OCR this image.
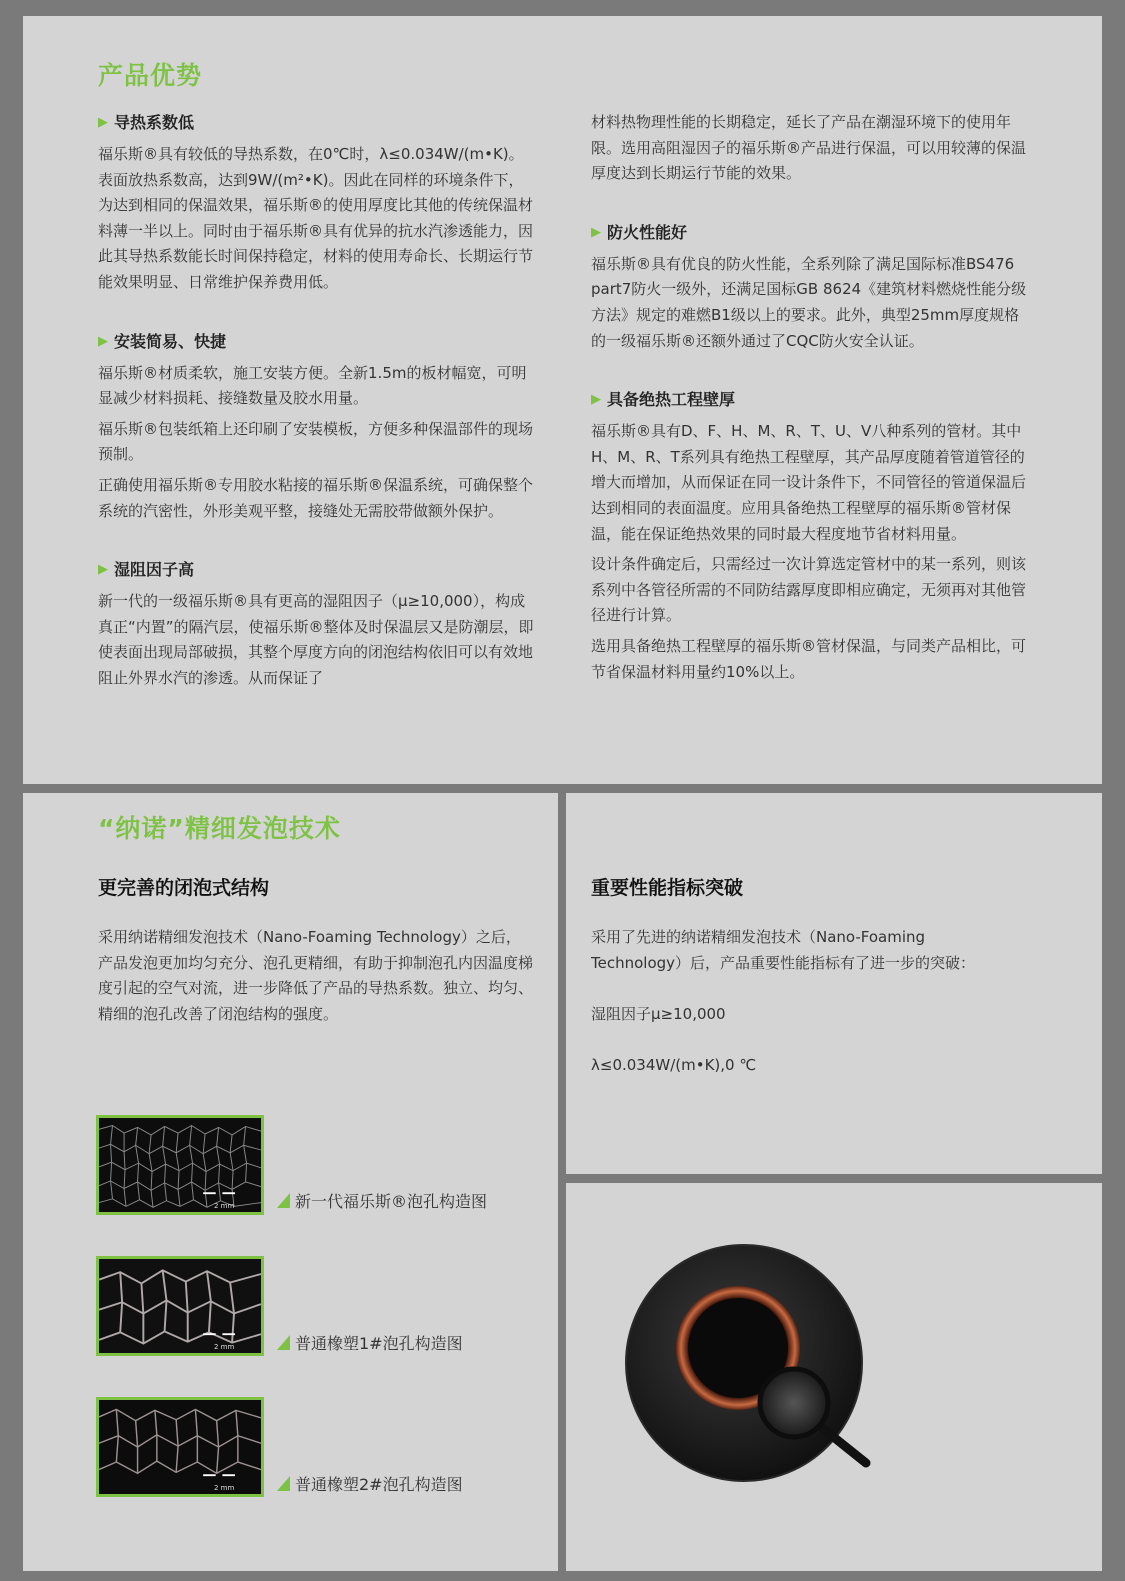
产品优势
▶ 导热系数低

福乐斯®具有较低的导热系数，在0℃时，λ≤0.034W/(m•K)。表面放热系数高，达到9W/(m²•K)。因此在同样的环境条件下，为达到相同的保温效果，福乐斯®的使用厚度比其他的传统保温材料薄一半以上。同时由于福乐斯®具有优异的抗水汽渗透能力，因此其导热系数能长时间保持稳定，材料的使用寿命长、长期运行节能效果明显、日常维护保养费用低。

▶ 安装简易、快捷

福乐斯®材质柔软，施工安装方便。全新1.5m的板材幅宽，可明显减少材料损耗、接缝数量及胶水用量。

福乐斯®包装纸箱上还印刷了安装模板，方便多种保温部件的现场预制。

正确使用福乐斯®专用胶水粘接的福乐斯®保温系统，可确保整个系统的汽密性，外形美观平整，接缝处无需胶带做额外保护。

▶ 湿阻因子高

新一代的一级福乐斯®具有更高的湿阻因子（μ≥10,000），构成真正“内置”的隔汽层，使福乐斯®整体及时保温层又是防潮层，即使表面出现局部破损，其整个厚度方向的闭泡结构依旧可以有效地阻止外界水汽的渗透。从而保证了

材料热物理性能的长期稳定，延长了产品在潮湿环境下的使用年限。选用高阻湿因子的福乐斯®产品进行保温，可以用较薄的保温厚度达到长期运行节能的效果。

▶ 防火性能好

福乐斯®具有优良的防火性能，全系列除了满足国际标准BS476 part7防火一级外，还满足国标GB 8624《建筑材料燃烧性能分级方法》规定的难燃B1级以上的要求。此外，典型25mm厚度规格的一级福乐斯®还额外通过了CQC防火安全认证。

▶ 具备绝热工程壁厚

福乐斯®具有D、F、H、M、R、T、U、V八种系列的管材。其中H、M、R、T系列具有绝热工程壁厚，其产品厚度随着管道管径的增大而增加，从而保证在同一设计条件下，不同管径的管道保温后达到相同的表面温度。应用具备绝热工程壁厚的福乐斯®管材保温，能在保证绝热效果的同时最大程度地节省材料用量。

设计条件确定后，只需经过一次计算选定管材中的某一系列，则该系列中各管径所需的不同防结露厚度即相应确定，无须再对其他管径进行计算。

选用具备绝热工程壁厚的福乐斯®管材保温，与同类产品相比，可节省保温材料用量约10%以上。

“纳诺”精细发泡技术
更完善的闭泡式结构
采用纳诺精细发泡技术（Nano-Foaming Technology）之后，产品发泡更加均匀充分、泡孔更精细，有助于抑制泡孔内因温度梯度引起的空气对流，进一步降低了产品的导热系数。独立、均匀、精细的泡孔改善了闭泡结构的强度。
2 mm	新一代福乐斯®泡孔构造图
2 mm	普通橡塑1#泡孔构造图
2 mm	普通橡塑2#泡孔构造图
重要性能指标突破
采用了先进的纳诺精细发泡技术（Nano-Foaming Technology）后，产品重要性能指标有了进一步的突破：
湿阻因子μ≥10,000
λ≤0.034W/(m•K),0 ℃
